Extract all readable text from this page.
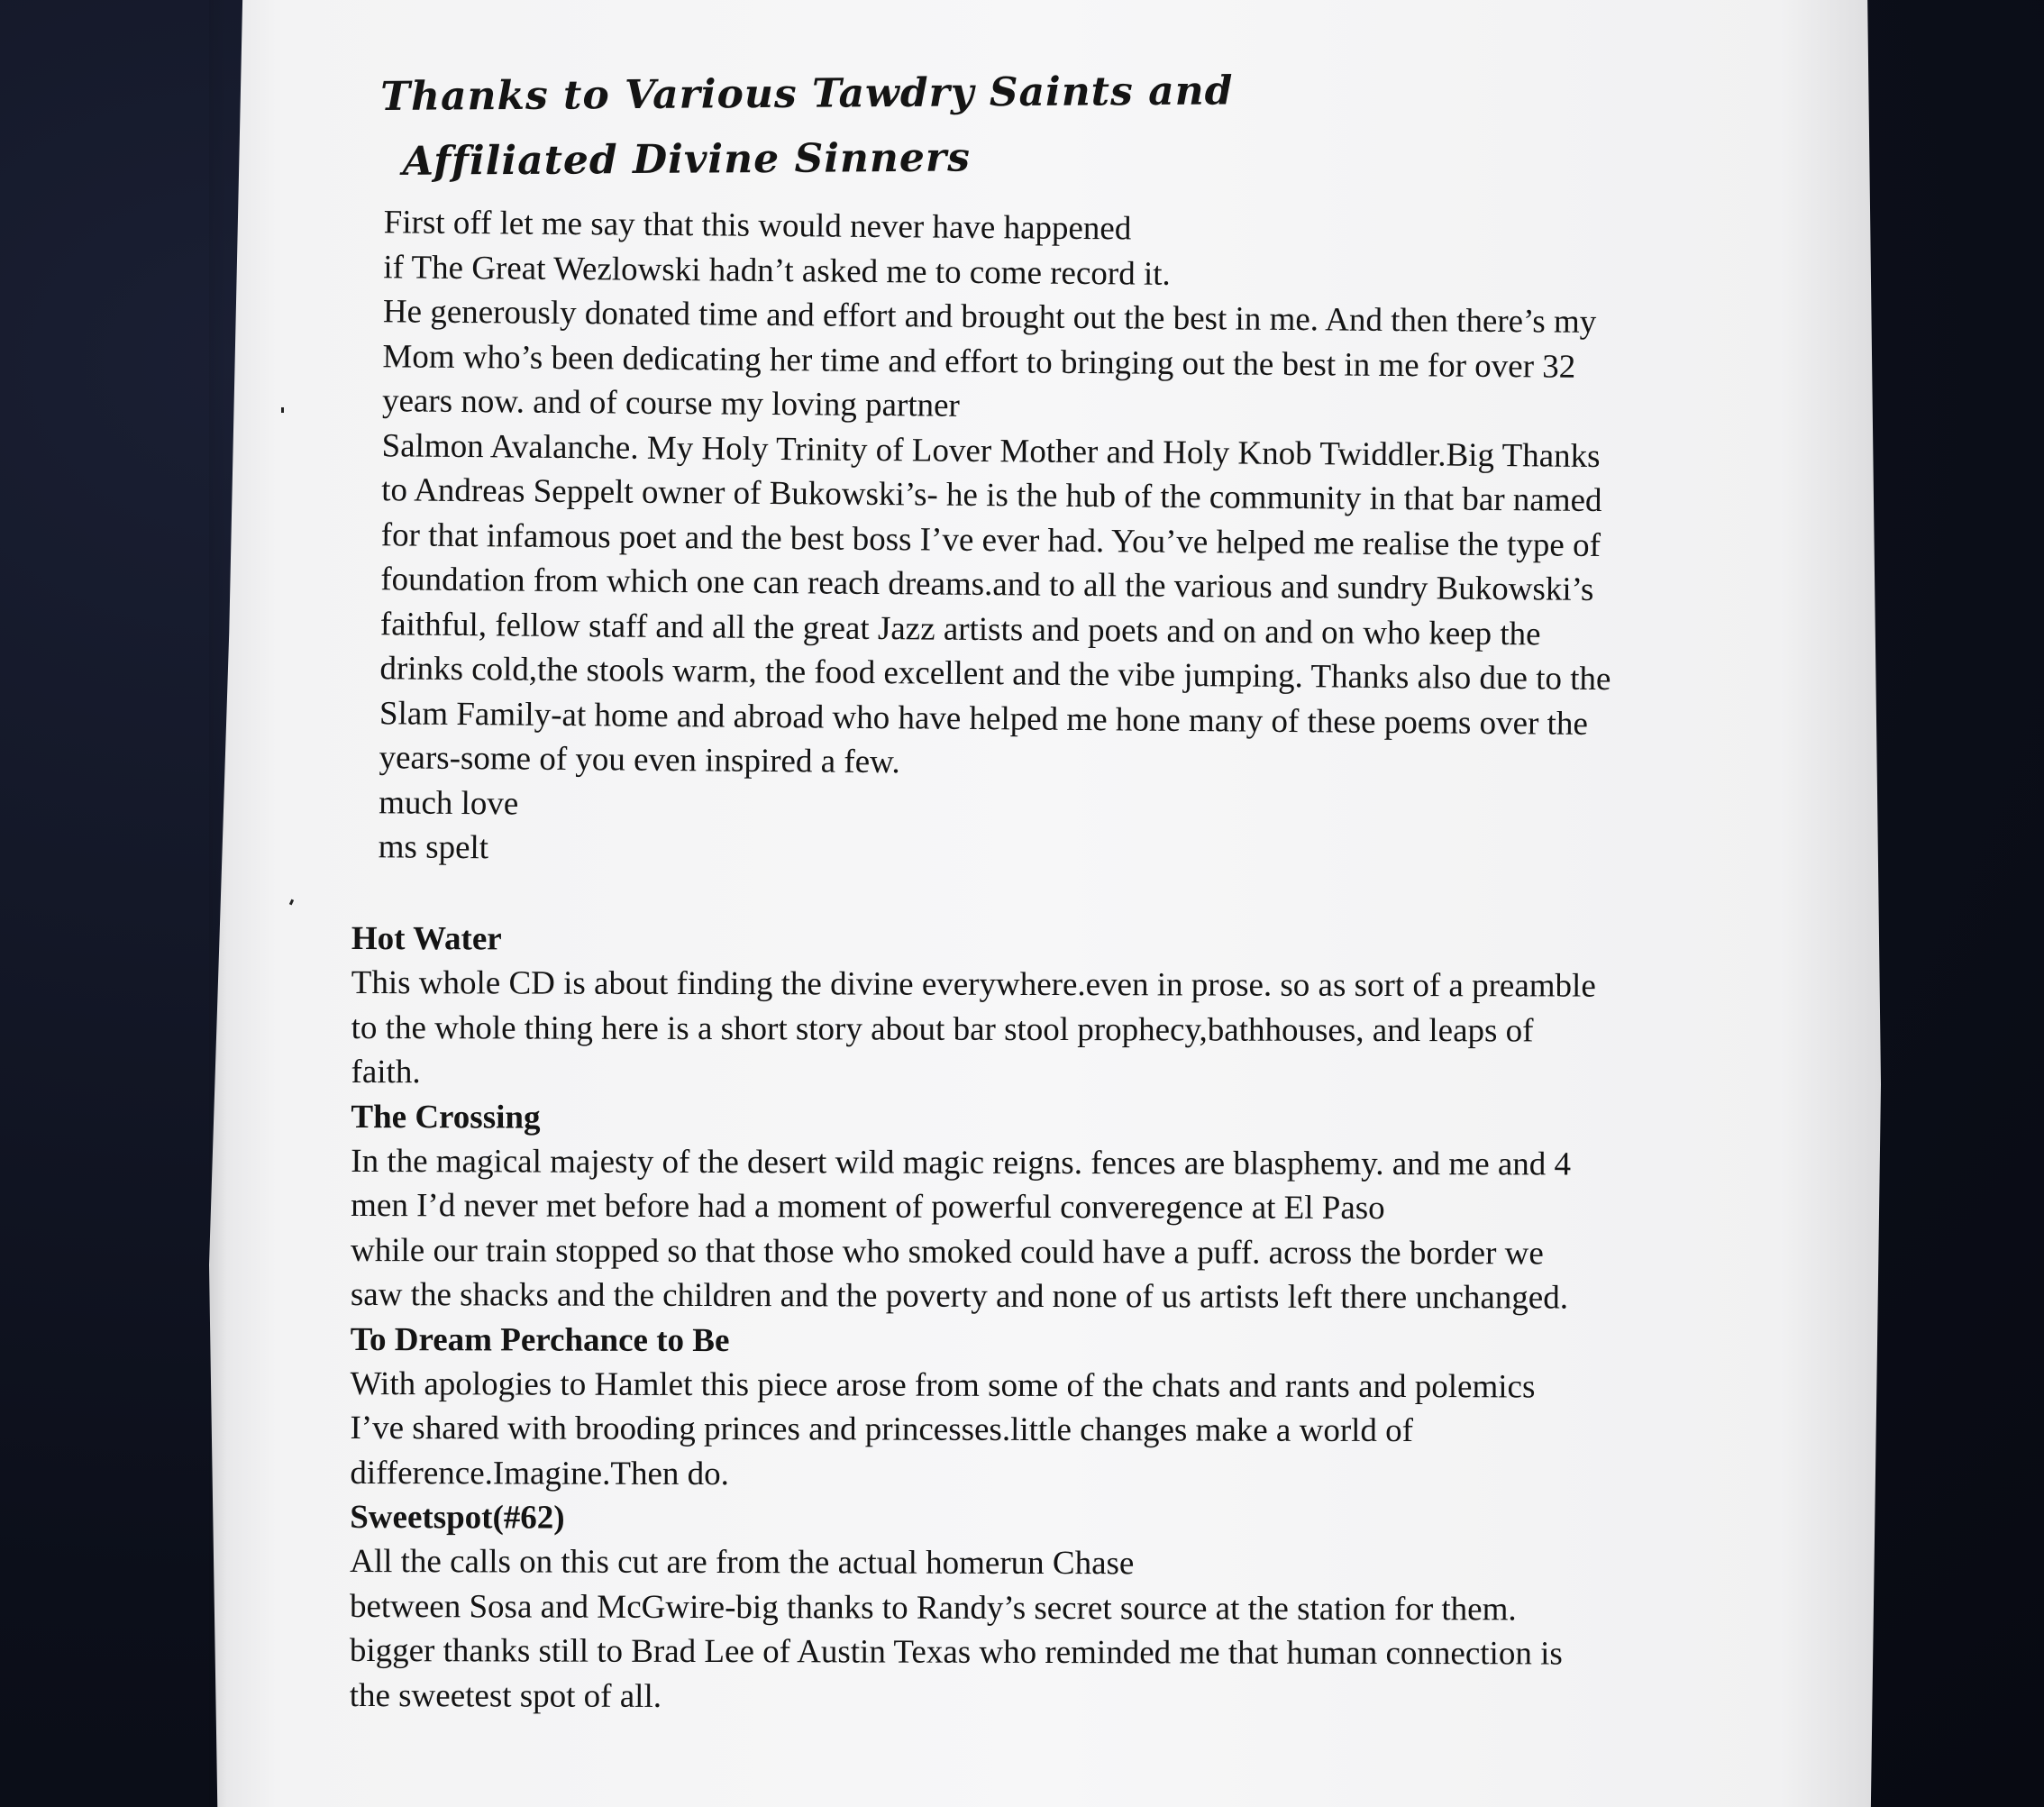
Thanks to Various Tawdry Saints and
Affiliated Divine Sinners
First off let me say that this would never have happened
if The Great Wezlowski hadn’t asked me to come record it.
He generously donated time and effort and brought out the best in me. And then there’s my
Mom who’s been dedicating her time and effort to bringing out the best in me for over 32
years now. and of course my loving partner
Salmon Avalanche. My Holy Trinity of Lover Mother and Holy Knob Twiddler.Big Thanks
to Andreas Seppelt owner of Bukowski’s- he is the hub of the community in that bar named
for that infamous poet and the best boss I’ve ever had. You’ve helped me realise the type of
foundation from which one can reach dreams.and to all the various and sundry Bukowski’s
faithful, fellow staff and all the great Jazz artists and poets and on and on who keep the
drinks cold,the stools warm, the food excellent and the vibe jumping. Thanks also due to the
Slam Family-at home and abroad who have helped me hone many of these poems over the
years-some of you even inspired a few.
much love
ms spelt
Hot Water
This whole CD is about finding the divine everywhere.even in prose. so as sort of a preamble
to the whole thing here is a short story about bar stool prophecy,bathhouses, and leaps of
faith.
The Crossing
In the magical majesty of the desert wild magic reigns. fences are blasphemy. and me and 4
men I’d never met before had a moment of powerful converegence at El Paso
while our train stopped so that those who smoked could have a puff. across the border we
saw the shacks and the children and the poverty and none of us artists left there unchanged.
To Dream Perchance to Be
With apologies to Hamlet this piece arose from some of the chats and rants and polemics
I’ve shared with brooding princes and princesses.little changes make a world of
difference.Imagine.Then do.
Sweetspot(#62)
All the calls on this cut are from the actual homerun Chase
between Sosa and McGwire-big thanks to Randy’s secret source at the station for them.
bigger thanks still to Brad Lee of Austin Texas who reminded me that human connection is
the sweetest spot of all.
